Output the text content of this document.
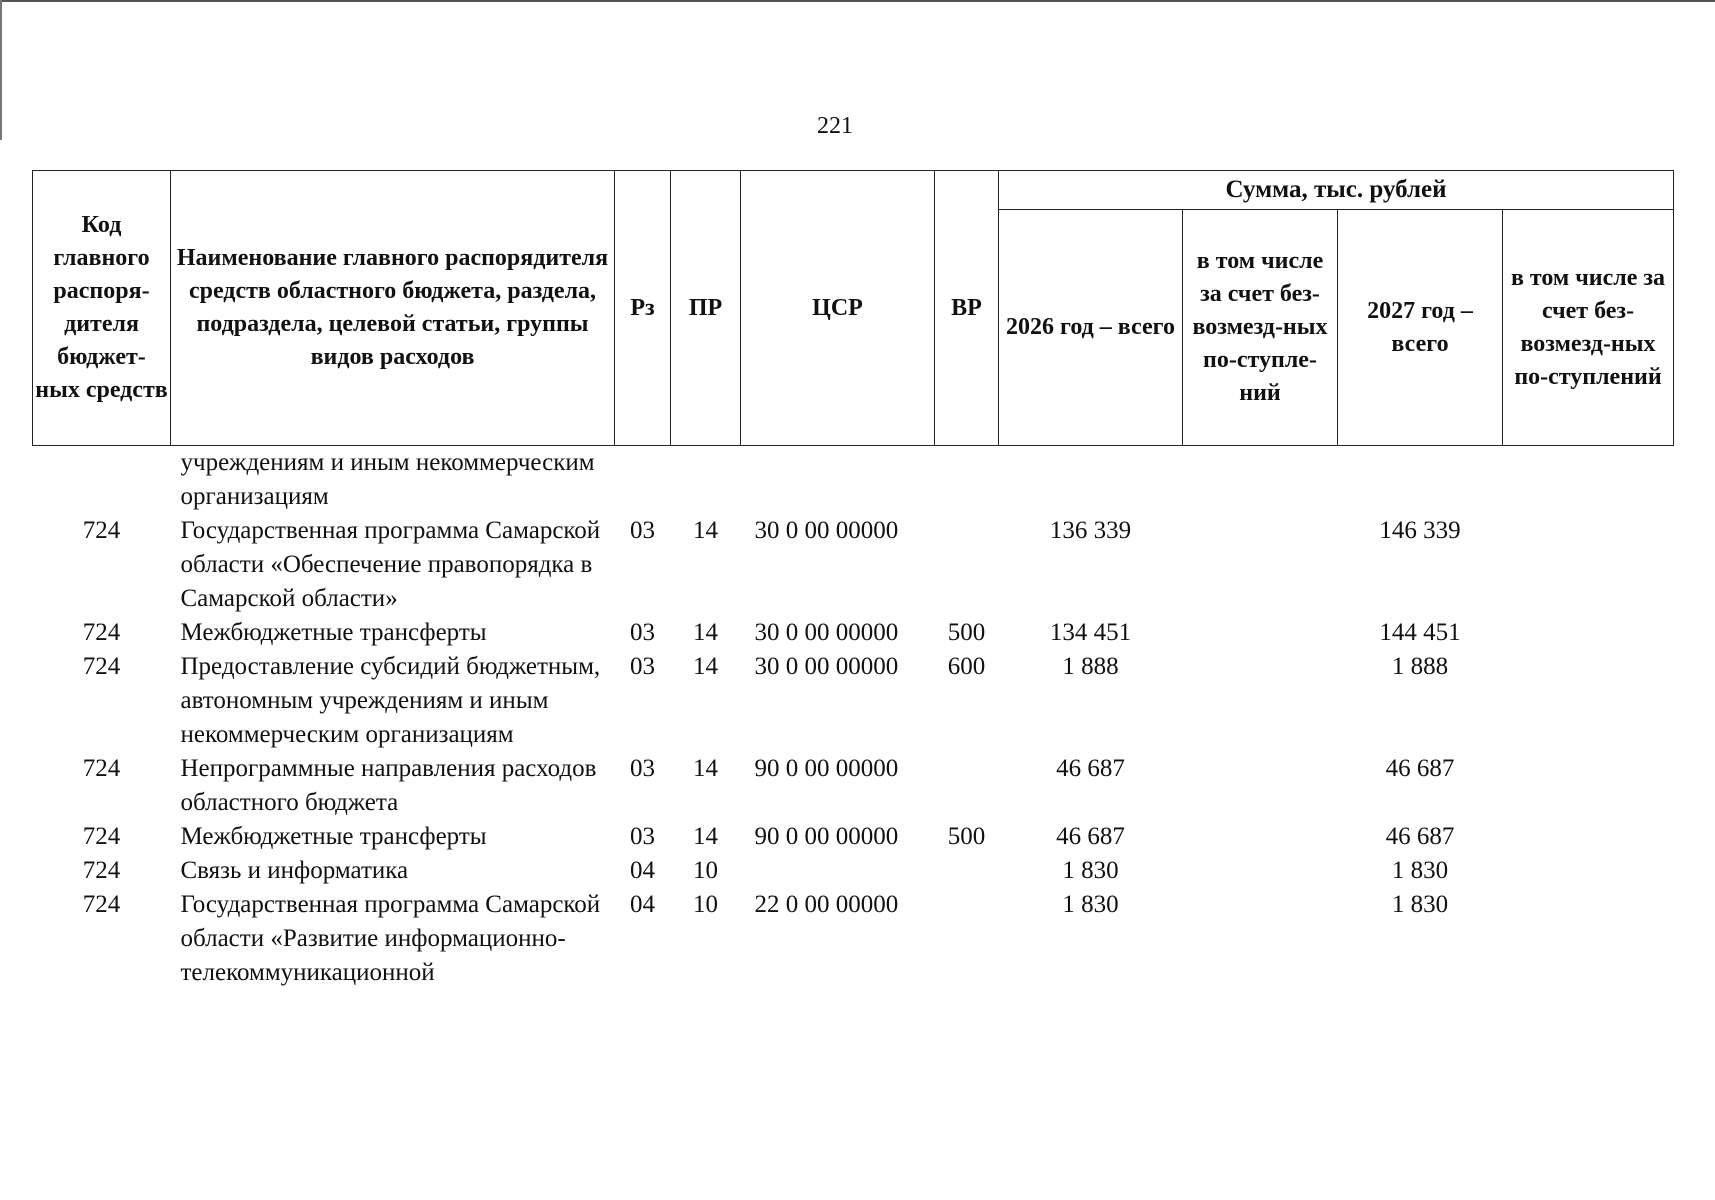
221
Код главного распоря-дителя бюджет-ных средств	Наименование главного распорядителя средств областного бюджета, раздела, подраздела, целевой статьи, группы видов расходов	Рз	ПР	ЦСР	ВР	Сумма, тыс. рублей			
						2026 год – всего	в том числе за счет без-возмезд-ных по-ступле-ний	2027 год – всего	в том числе за счет без-возмезд-ных по-ступлений
	учреждениям и иным некоммерческим организациям								
724	Государственная программа Самарской области «Обеспечение правопорядка в Самарской области»	03	14	30 0 00 00000		136 339		146 339	
724	Межбюджетные трансферты	03	14	30 0 00 00000	500	134 451		144 451	
724	Предоставление субсидий бюджетным, автономным учреждениям и иным некоммерческим организациям	03	14	30 0 00 00000	600	1 888		1 888	
724	Непрограммные направления расходов областного бюджета	03	14	90 0 00 00000		46 687		46 687	
724	Межбюджетные трансферты	03	14	90 0 00 00000	500	46 687		46 687	
724	Связь и информатика	04	10			1 830		1 830	
724	Государственная программа Самарской области «Развитие информационно-телекоммуникационной	04	10	22 0 00 00000		1 830		1 830	
